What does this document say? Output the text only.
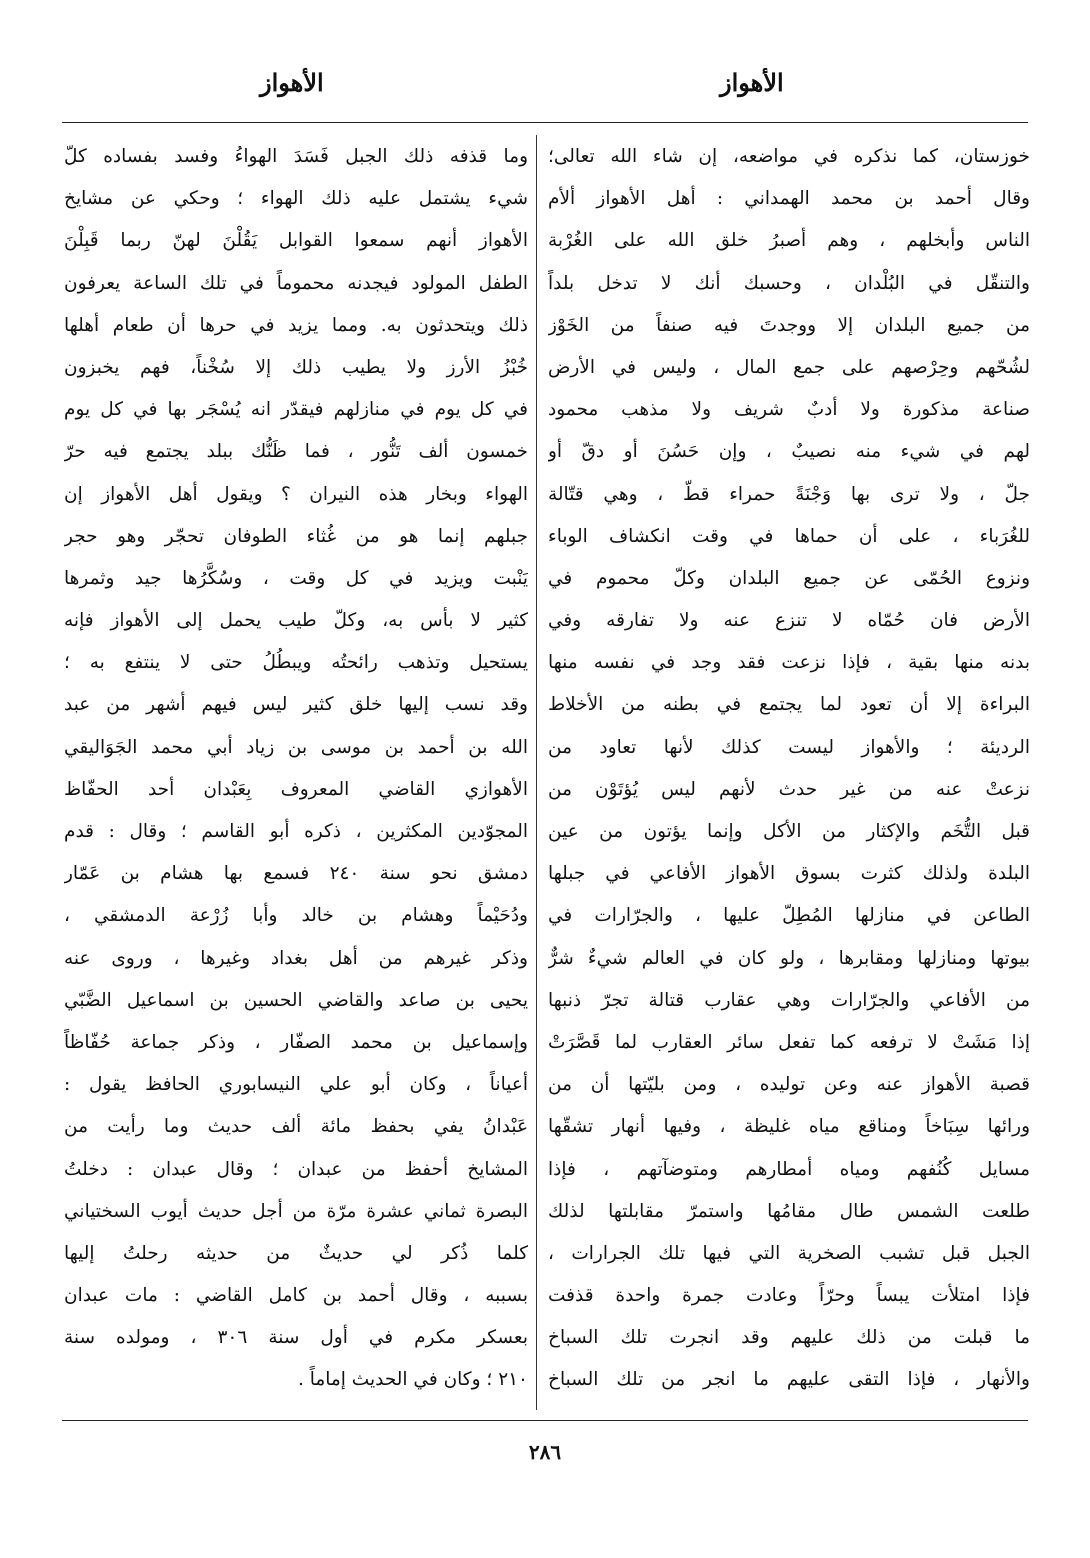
الأهواز
الأهواز
خوزستان، كما نذكره في مواضعه، إن شاء الله تعالى؛
وقال أحمد بن محمد الهمداني : أهل الأهواز ألأم
الناس وأبخلهم ، وهم أصبرُ خلق الله على الغُرْبة
والتنقّل في البُلْدان ، وحسبك أنك لا تدخل بلداً
من جميع البلدان إلا ووجدتَ فيه صنفاً من الخَوْز
لشُحّهم وحِرْصهم على جمع المال ، وليس في الأرض
صناعة مذكورة ولا أدبٌ شريف ولا مذهب محمود
لهم في شيء منه نصيبٌ ، وإن حَسُنَ أو دقّ أو
جلّ ، ولا ترى بها وَجْنَةً حمراء قطّ ، وهي قتّالة
للغُرَباء ، على أن حماها في وقت انكشاف الوباء
ونزوع الحُمّى عن جميع البلدان وكلّ محموم في
الأرض فان حُمّاه لا تنزع عنه ولا تفارقه وفي
بدنه منها بقية ، فإذا نزعت فقد وجد في نفسه منها
البراءة إلا أن تعود لما يجتمع في بطنه من الأخلاط
الرديئة ؛ والأهواز ليست كذلك لأنها تعاود من
نزعتْ عنه من غير حدث لأنهم ليس يُؤتَوْن من
قبل التُّخَم والإكثار من الأكل وإنما يؤتون من عين
البلدة ولذلك كثرت بسوق الأهواز الأفاعي في جبلها
الطاعن في منازلها المُطِلّ عليها ، والجرّارات في
بيوتها ومنازلها ومقابرها ، ولو كان في العالم شيءٌ شرٌّ
من الأفاعي والجرّارات وهي عقارب قتالة تجرّ ذنبها
إذا مَشَتْ لا ترفعه كما تفعل سائر العقارب لما قَصَّرَتْ
قصبة الأهواز عنه وعن توليده ، ومن بليّتها أن من
ورائها سِبَاخاً ومناقع مياه غليظة ، وفيها أنهار تشقّها
مسايل كُنُفهم ومياه أمطارهم ومتوضآتهم ، فإذا
طلعت الشمس طال مقامُها واستمرّ مقابلتها لذلك
الجبل قبل تشبب الصخرية التي فيها تلك الجرارات ،
فإذا امتلأت يبساً وحرّاً وعادت جمرة واحدة قذفت
ما قبلت من ذلك عليهم وقد انجرت تلك السباخ
والأنهار ، فإذا التقى عليهم ما انجر من تلك السباخ
وما قذفه ذلك الجبل فَسَدَ الهواءُ وفسد بفساده كلّ
شيء يشتمل عليه ذلك الهواء ؛ وحكي عن مشايخ
الأهواز أنهم سمعوا القوابل يَقُلْنَ لهنّ ربما قَبِلْنَ
الطفل المولود فيجدنه محموماً في تلك الساعة يعرفون
ذلك ويتحدثون به. ومما يزيد في حرها أن طعام أهلها
خُبْزُ الأرز ولا يطيب ذلك إلا سُخْناً، فهم يخبزون
في كل يوم في منازلهم فيقدّر انه يُسْجَر بها في كل يوم
خمسون ألف تَنُّور ، فما ظَنُّك ببلد يجتمع فيه حرّ
الهواء وبخار هذه النيران ؟ ويقول أهل الأهواز إن
جبلهم إنما هو من غُثاء الطوفان تحجّر وهو حجر
يَنْبت ويزيد في كل وقت ، وسُكَّرُها جيد وثمرها
كثير لا بأس به، وكلّ طيب يحمل إلى الأهواز فإنه
يستحيل وتذهب رائحتُه ويبطُلُ حتى لا ينتفع به ؛
وقد نسب إليها خلق كثير ليس فيهم أشهر من عبد
الله بن أحمد بن موسى بن زياد أبي محمد الجَوَاليقي
الأهوازي القاضي المعروف بِعَبْدان أحد الحفّاظ
المجوّدين المكثرين ، ذكره أبو القاسم ؛ وقال : قدم
دمشق نحو سنة ٢٤٠ فسمع بها هشام بن عَمّار
ودُحَيْماً وهشام بن خالد وأبا زُرْعة الدمشقي ،
وذكر غيرهم من أهل بغداد وغيرها ، وروى عنه
يحيى بن صاعد والقاضي الحسين بن اسماعيل الضَّبّي
وإسماعيل بن محمد الصفّار ، وذكر جماعة حُفّاظاً
أعياناً ، وكان أبو علي النيسابوري الحافظ يقول :
عَبْدانُ يفي بحفظ مائة ألف حديث وما رأيت من
المشايخ أحفظ من عبدان ؛ وقال عبدان : دخلتُ
البصرة ثماني عشرة مرّة من أجل حديث أيوب السختياني
كلما ذُكر لي حديثٌ من حديثه رحلتُ إليها
بسببه ، وقال أحمد بن كامل القاضي : مات عبدان
بعسكر مكرم في أول سنة ٣٠٦ ، ومولده سنة
٢١٠ ؛ وكان في الحديث إماماً .
٢٨٦
